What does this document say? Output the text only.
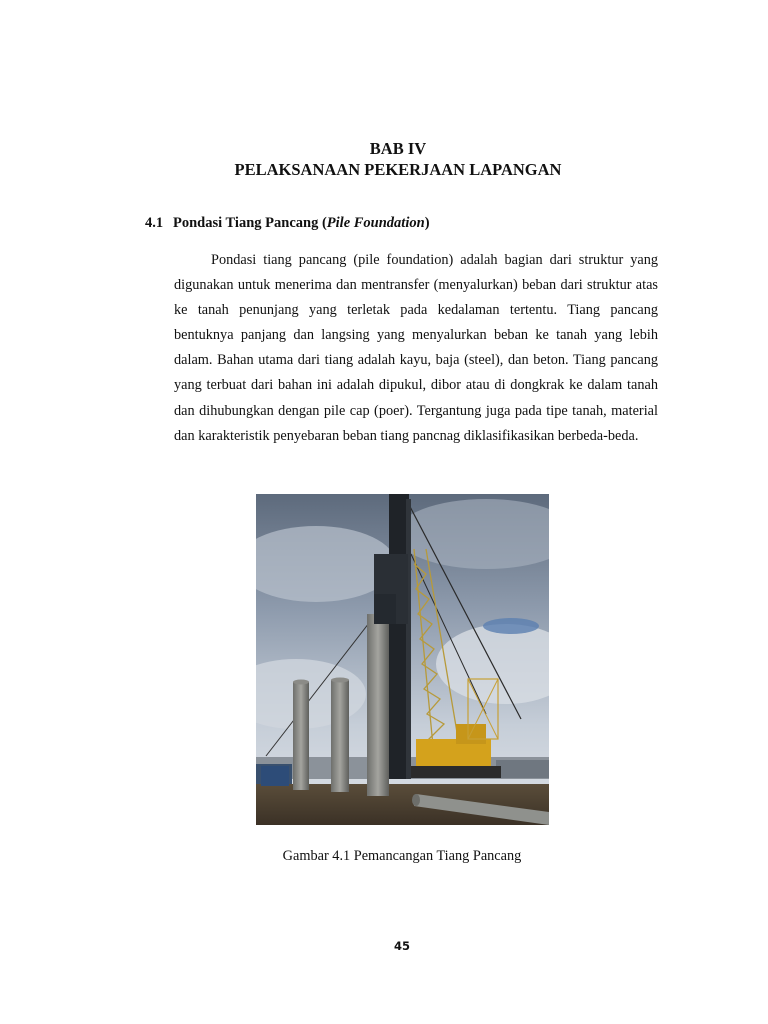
BAB IV
PELAKSANAAN PEKERJAAN LAPANGAN
4.1 Pondasi Tiang Pancang (Pile Foundation)

Pondasi tiang pancang (pile foundation) adalah bagian dari struktur yang digunakan untuk menerima dan mentransfer (menyalurkan) beban dari struktur atas ke tanah penunjang yang terletak pada kedalaman tertentu. Tiang pancang bentuknya panjang dan langsing yang menyalurkan beban ke tanah yang lebih dalam. Bahan utama dari tiang adalah kayu, baja (steel), dan beton. Tiang pancang yang terbuat dari bahan ini adalah dipukul, dibor atau di dongkrak ke dalam tanah dan dihubungkan dengan pile cap (poer). Tergantung juga pada tipe tanah, material dan karakteristik penyebaran beban tiang pancnag diklasifikasikan berbeda-beda.

Gambar 4.1 Pemancangan Tiang Pancang
45
